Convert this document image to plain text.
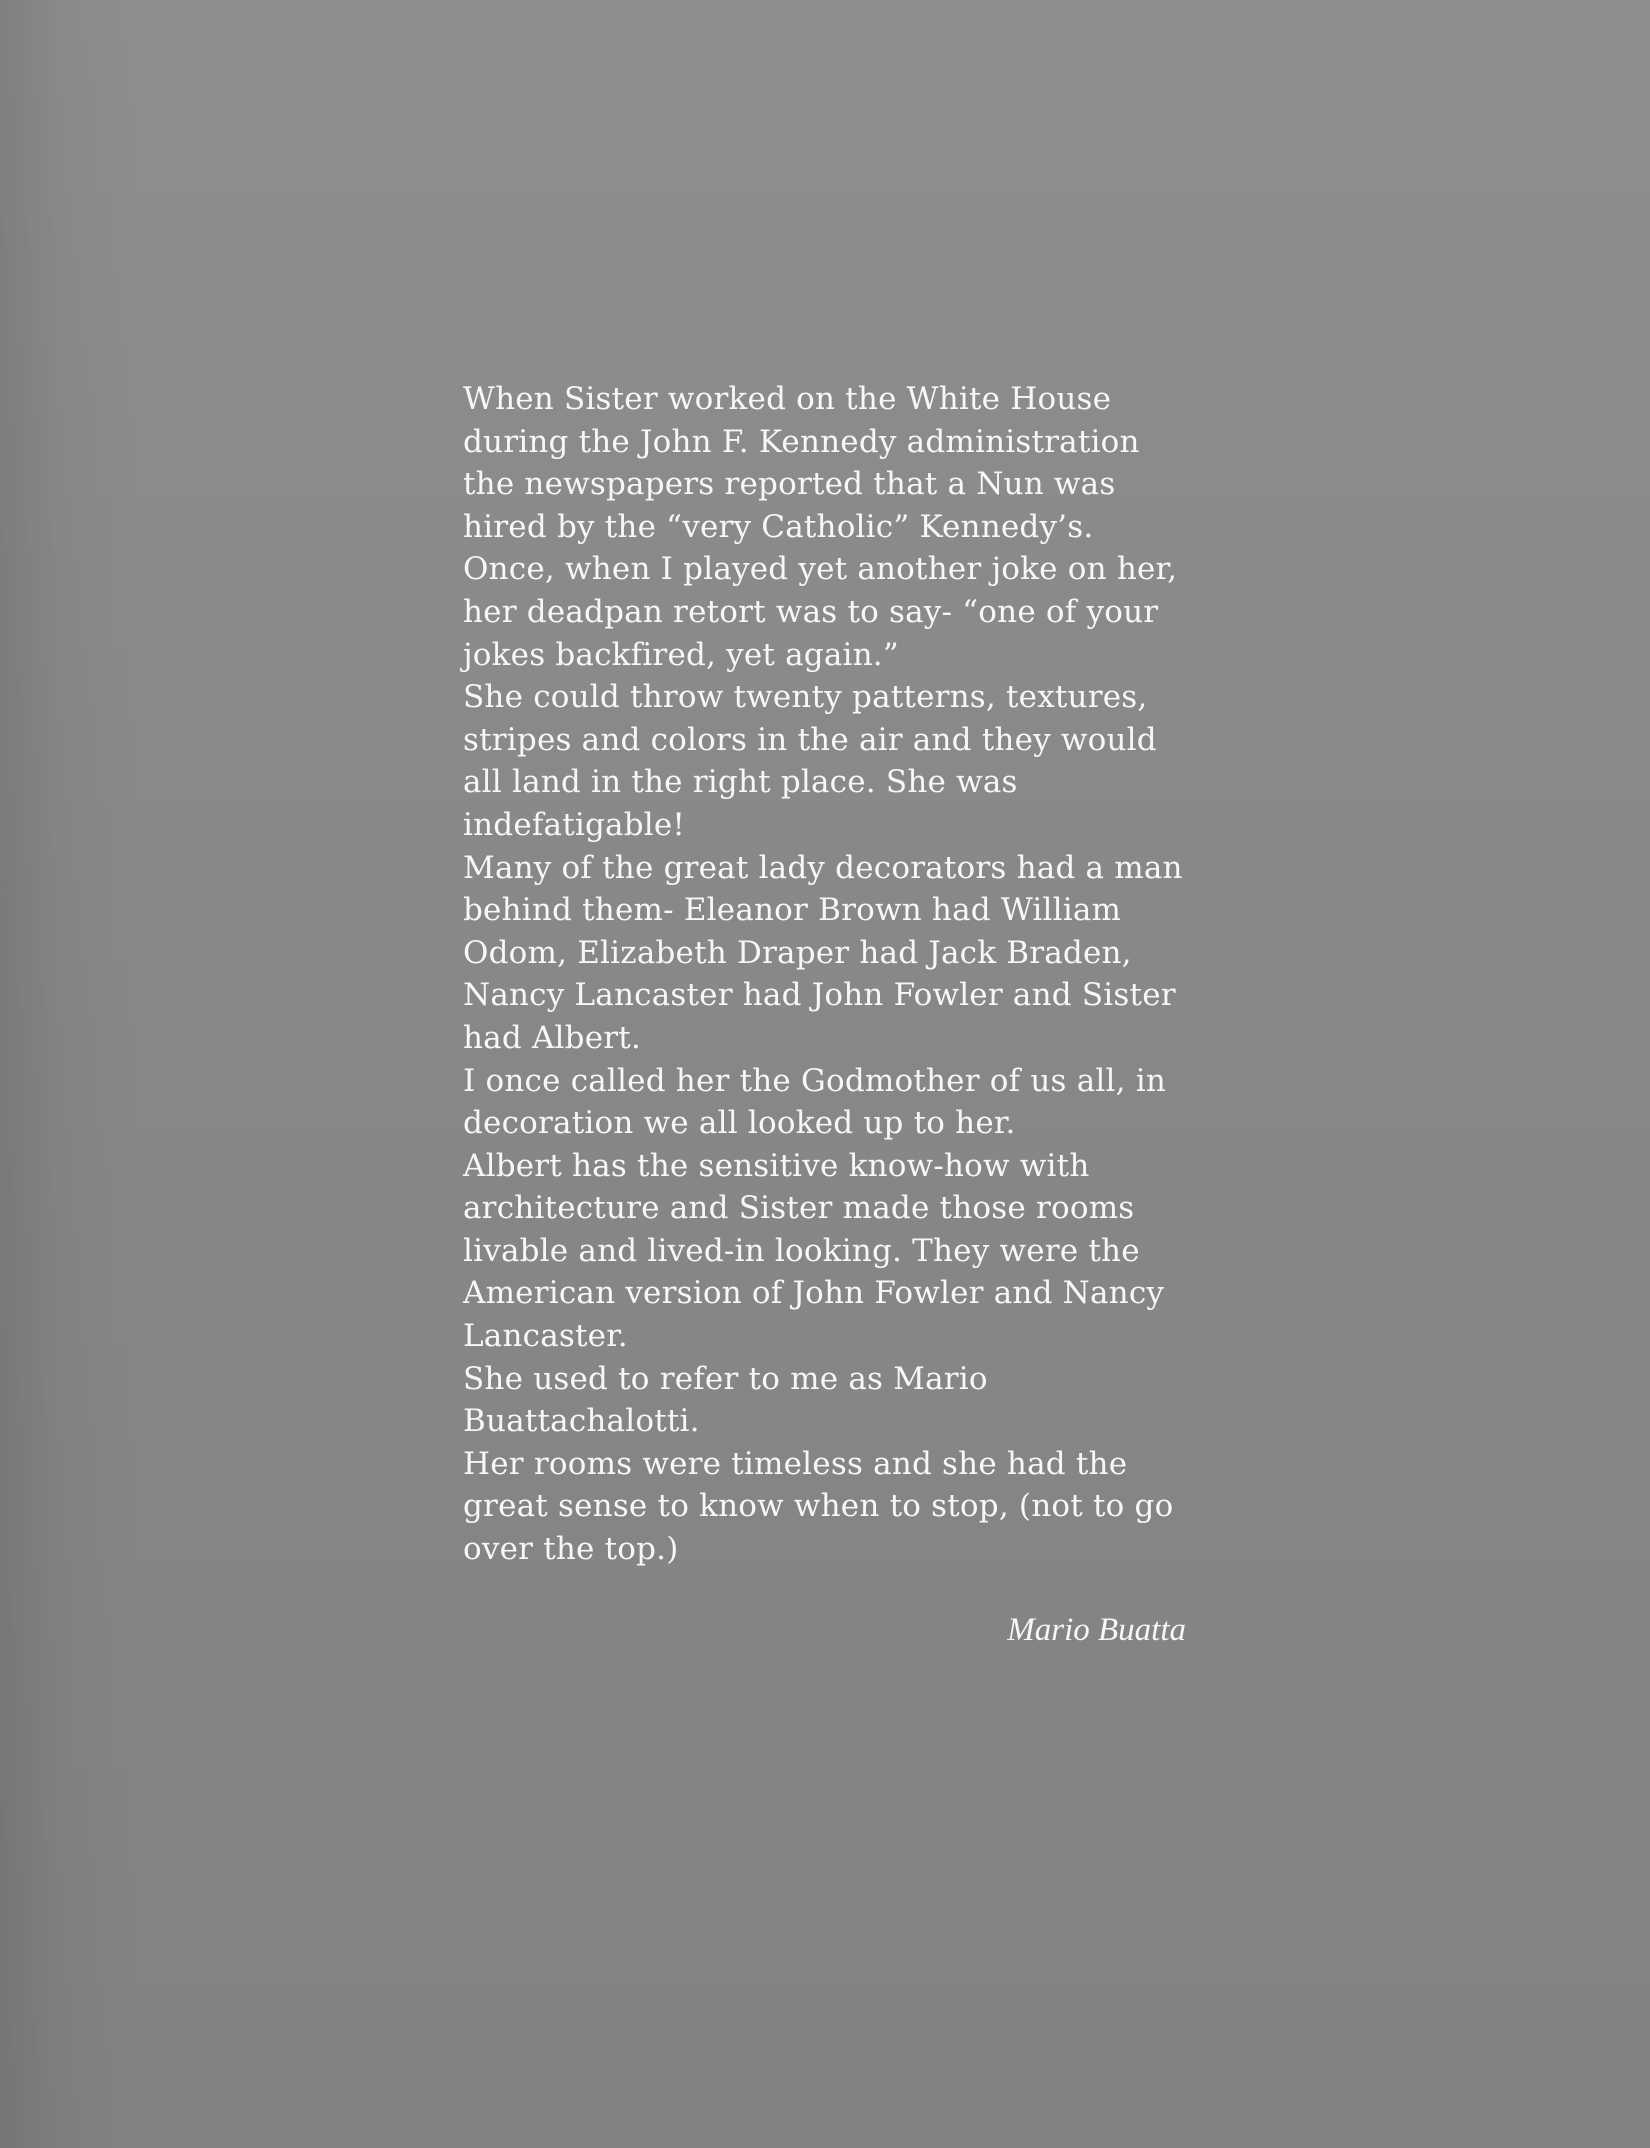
When Sister worked on the White House
during the John F. Kennedy administration
the newspapers reported that a Nun was
hired by the “very Catholic” Kennedy’s.
Once, when I played yet another joke on her,
her deadpan retort was to say- “one of your
jokes backfired, yet again.”
She could throw twenty patterns, textures,
stripes and colors in the air and they would
all land in the right place. She was
indefatigable!
Many of the great lady decorators had a man
behind them- Eleanor Brown had William
Odom, Elizabeth Draper had Jack Braden,
Nancy Lancaster had John Fowler and Sister
had Albert.
I once called her the Godmother of us all, in
decoration we all looked up to her.
Albert has the sensitive know-how with
architecture and Sister made those rooms
livable and lived-in looking. They were the
American version of John Fowler and Nancy
Lancaster.
She used to refer to me as Mario
Buattachalotti.
Her rooms were timeless and she had the
great sense to know when to stop, (not to go
over the top.)
Mario Buatta
